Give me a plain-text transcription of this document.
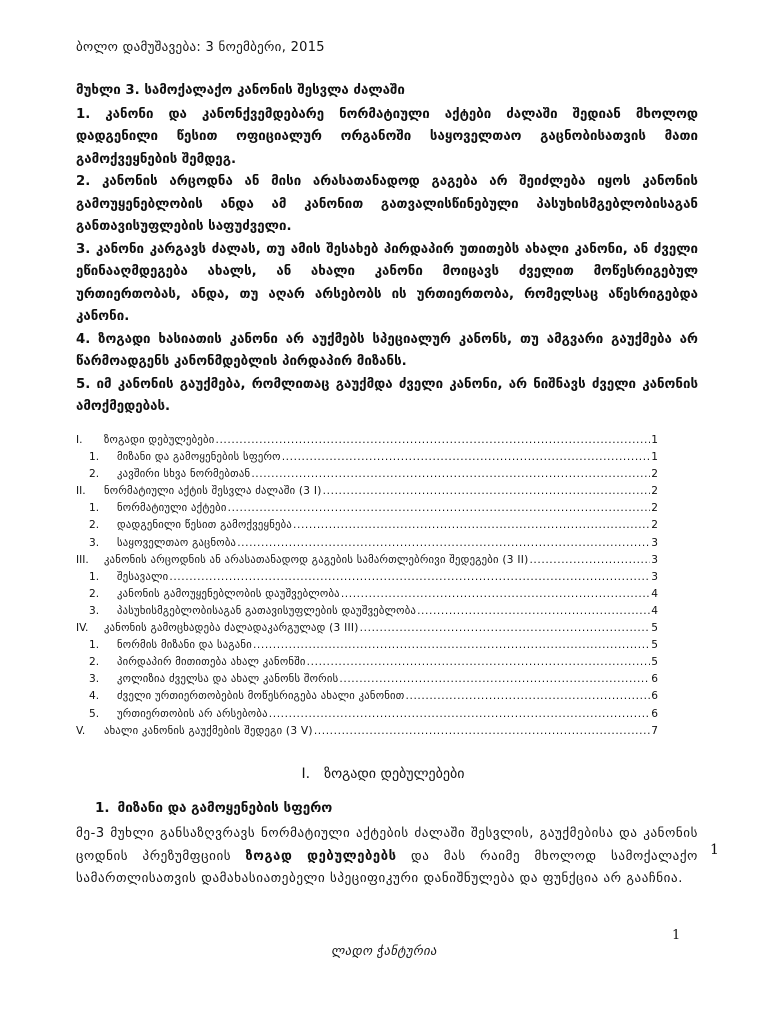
ბოლო დამუშავება: 3 ნოემბერი, 2015

მუხლი 3. სამოქალაქო კანონის შესვლა ძალაში

1. კანონი და კანონქვემდებარე ნორმატიული აქტები ძალაში შედიან მხოლოდ დადგენილი წესით ოფიციალურ ორგანოში საყოველთაო გაცნობისათვის მათი გამოქვეყნების შემდეგ.

2. კანონის არცოდნა ან მისი არასათანადოდ გაგება არ შეიძლება იყოს კანონის გამოუყენებლობის ანდა ამ კანონით გათვალისწინებული პასუხისმგებლობისაგან განთავისუფლების საფუძველი.

3. კანონი კარგავს ძალას, თუ ამის შესახებ პირდაპირ უთითებს ახალი კანონი, ან ძველი ეწინააღმდეგება ახალს, ან ახალი კანონი მოიცავს ძველით მოწესრიგებულ ურთიერთობას, ანდა, თუ აღარ არსებობს ის ურთიერთობა, რომელსაც აწესრიგებდა კანონი.

4. ზოგადი ხასიათის კანონი არ აუქმებს სპეციალურ კანონს, თუ ამგვარი გაუქმება არ წარმოადგენს კანონმდებლის პირდაპირ მიზანს.

5. იმ კანონის გაუქმება, რომლითაც გაუქმდა ძველი კანონი, არ ნიშნავს ძველი კანონის ამოქმედებას.

I.	ზოგადი დებულებები .....	1
1.	მიზანი და გამოყენების სფერო .....	1
2.	კავშირი სხვა ნორმებთან .....	2
II.	ნორმატიული აქტის შესვლა ძალაში (3 I) .....	2
1.	ნორმატიული აქტები .....	2
2.	დადგენილი წესით გამოქვეყნება .....	2
3.	საყოველთაო გაცნობა .....	3
III.	კანონის არცოდნის ან არასათანადოდ გაგების სამართლებრივი შედეგები (3 II) .....	3
1.	შესავალი .....	3
2.	კანონის გამოუყენებლობის დაუშვებლობა .....	4
3.	პასუხისმგებლობისაგან გათავისუფლების დაუშვებლობა .....	4
IV.	კანონის გამოცხადება ძალადაკარგულად (3 III) .....	5
1.	ნორმის მიზანი და საგანი .....	5
2.	პირდაპირ მითითება ახალ კანონში .....	5
3.	კოლიზია ძველსა და ახალ კანონს შორის .....	6
4.	ძველი ურთიერთობების მოწესრიგება ახალი კანონით .....	6
5.	ურთიერთობის არ არსებობა .....	6
V.	ახალი კანონის გაუქმების შედეგი (3 V) .....	7
I. ზოგადი დებულებები
1. მიზანი და გამოყენების სფერო

მე-3 მუხლი განსაზღვრავს ნორმატიული აქტების ძალაში შესვლის, გაუქმებისა და კანონის ცოდნის პრეზუმფციის ზოგად დებულებებს და მას რაიმე მხოლოდ სამოქალაქო სამართლისათვის დამახასიათებელი სპეციფიკური დანიშნულება და ფუნქცია არ გააჩნია.

1
1
ლადო ჭანტურია
